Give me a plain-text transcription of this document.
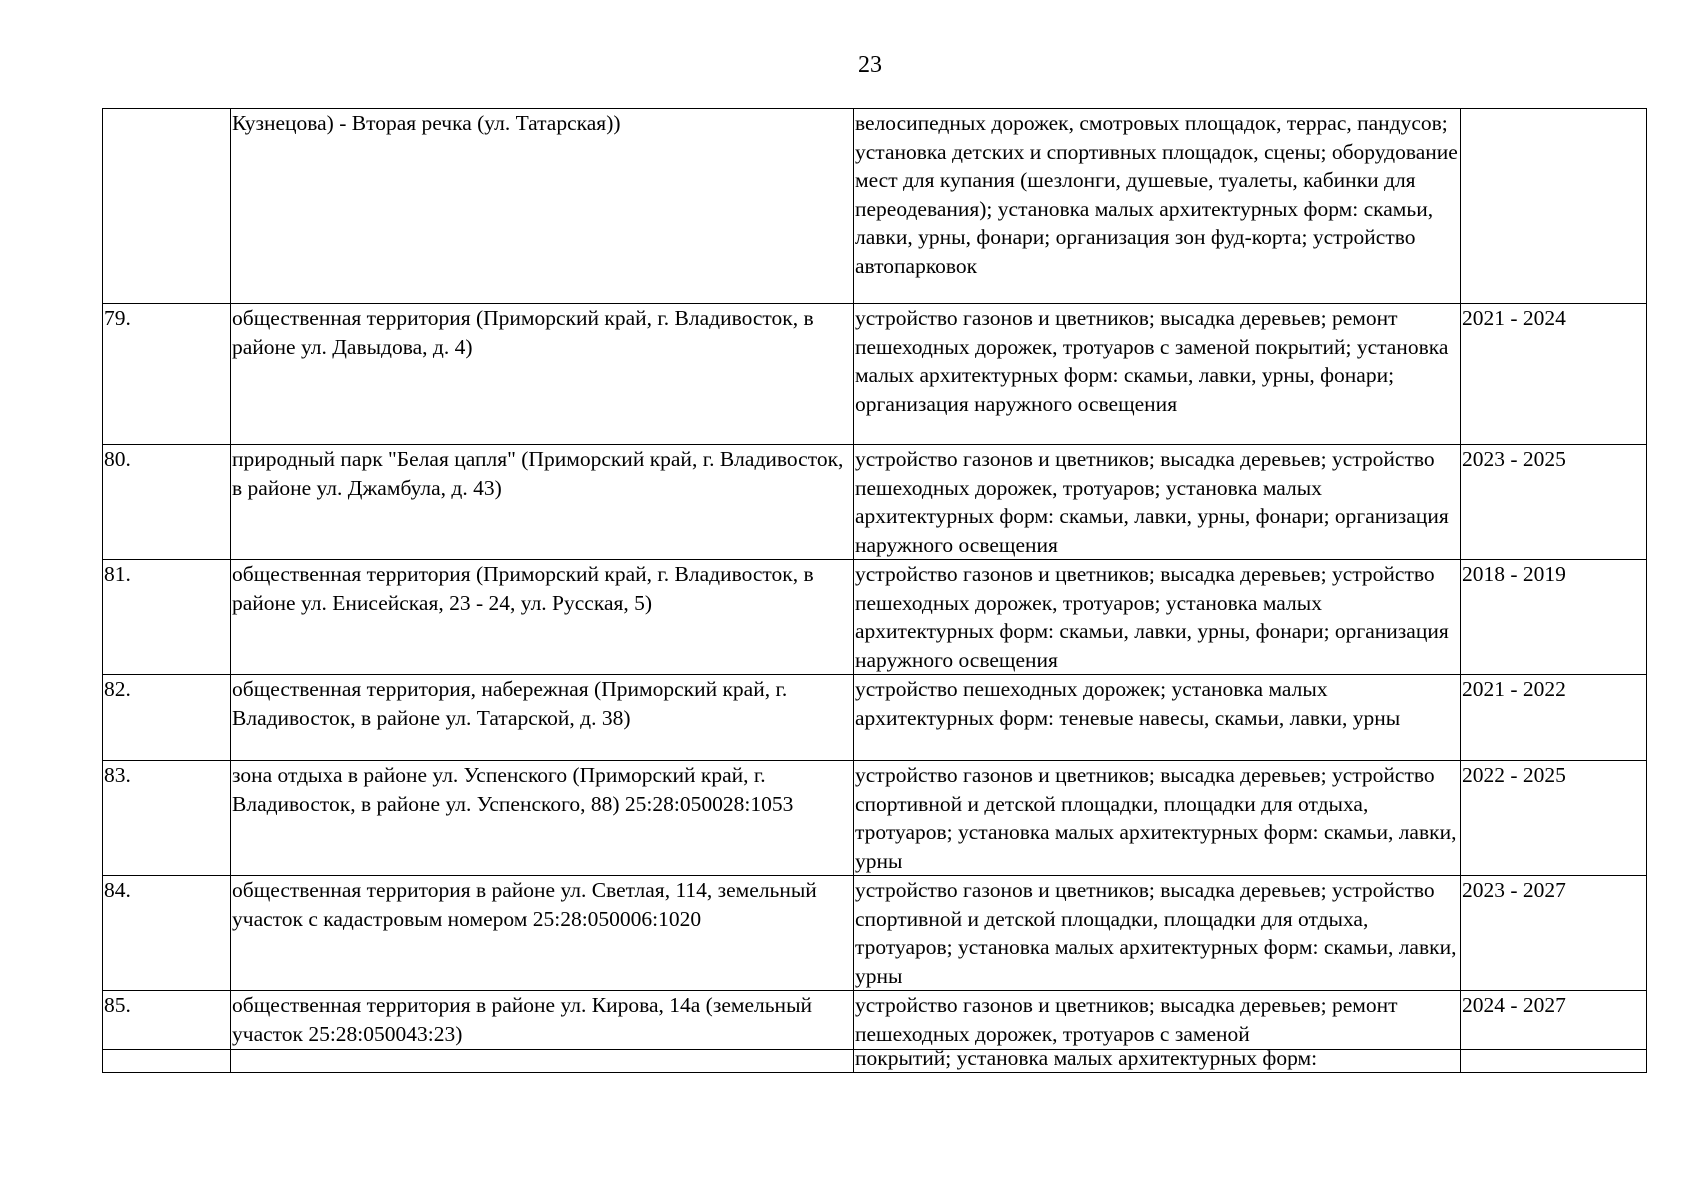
23
	Кузнецова) - Вторая речка (ул. Татарская))	велосипедных дорожек, смотровых площадок, террас, пандусов; установка детских и спортивных площадок, сцены; оборудование мест для купания (шезлонги, душевые, туалеты, кабинки для переодевания); установка малых архитектурных форм: скамьи, лавки, урны, фонари; организация зон фуд-корта; устройство автопарковок	
79.	общественная территория (Приморский край, г. Владивосток, в районе ул. Давыдова, д. 4)	устройство газонов и цветников; высадка деревьев; ремонт пешеходных дорожек, тротуаров с заменой покрытий; установка малых архитектурных форм: скамьи, лавки, урны, фонари; организация наружного освещения	2021 - 2024
80.	природный парк "Белая цапля" (Приморский край, г. Владивосток, в районе ул. Джамбула, д. 43)	устройство газонов и цветников; высадка деревьев; устройство пешеходных дорожек, тротуаров; установка малых архитектурных форм: скамьи, лавки, урны, фонари; организация наружного освещения	2023 - 2025
81.	общественная территория (Приморский край, г. Владивосток, в районе ул. Енисейская, 23 - 24, ул. Русская, 5)	устройство газонов и цветников; высадка деревьев; устройство пешеходных дорожек, тротуаров; установка малых архитектурных форм: скамьи, лавки, урны, фонари; организация наружного освещения	2018 - 2019
82.	общественная территория, набережная (Приморский край, г. Владивосток, в районе ул. Татарской, д. 38)	устройство пешеходных дорожек; установка малых архитектурных форм: теневые навесы, скамьи, лавки, урны	2021 - 2022
83.	зона отдыха в районе ул. Успенского (Приморский край, г. Владивосток, в районе ул. Успенского, 88) 25:28:050028:1053	устройство газонов и цветников; высадка деревьев; устройство спортивной и детской площадки, площадки для отдыха, тротуаров; установка малых архитектурных форм: скамьи, лавки, урны	2022 - 2025
84.	общественная территория в районе ул. Светлая, 114, земельный участок с кадастровым номером 25:28:050006:1020	устройство газонов и цветников; высадка деревьев; устройство спортивной и детской площадки, площадки для отдыха, тротуаров; установка малых архитектурных форм: скамьи, лавки, урны	2023 - 2027
85.	общественная территория в районе ул. Кирова, 14а (земельный участок 25:28:050043:23)	устройство газонов и цветников; высадка деревьев; ремонт пешеходных дорожек, тротуаров с заменой	2024 - 2027

		покрытий; установка малых архитектурных форм:	
